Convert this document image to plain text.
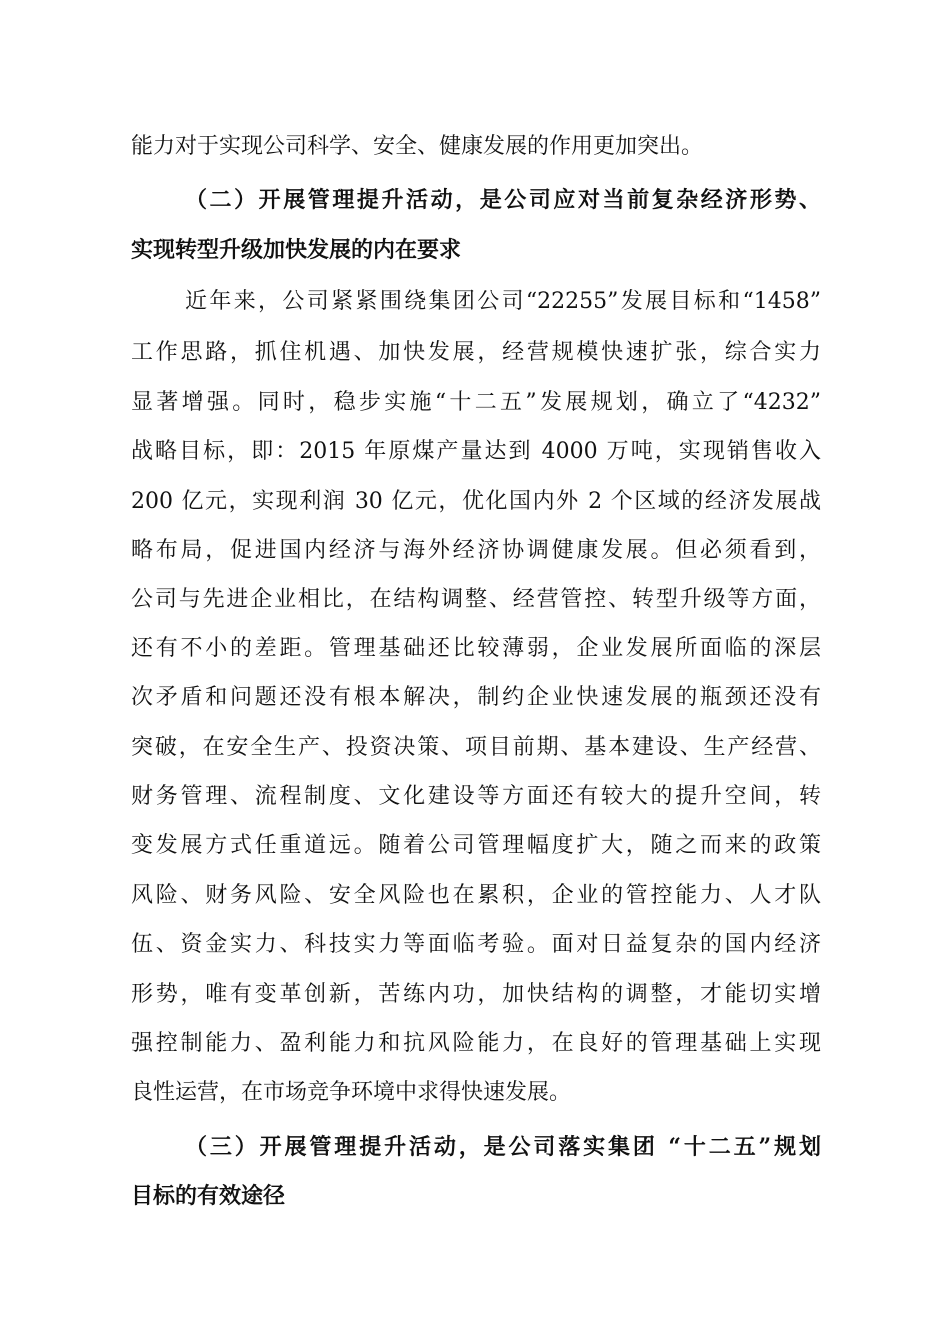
能力对于实现公司科学、安全、健康发展的作用更加突出。
（二）开展管理提升活动，是公司应对当前复杂经济形势、
实现转型升级加快发展的内在要求
近年来，公司紧紧围绕集团公司“22255”发展目标和“1458”
工作思路，抓住机遇、加快发展，经营规模快速扩张，综合实力
显著增强。同时，稳步实施“十二五”发展规划，确立了“4232”
战略目标，即：2015 年原煤产量达到 4000 万吨，实现销售收入
200 亿元，实现利润 30 亿元，优化国内外 2 个区域的经济发展战
略布局，促进国内经济与海外经济协调健康发展。但必须看到，
公司与先进企业相比，在结构调整、经营管控、转型升级等方面，
还有不小的差距。管理基础还比较薄弱，企业发展所面临的深层
次矛盾和问题还没有根本解决，制约企业快速发展的瓶颈还没有
突破，在安全生产、投资决策、项目前期、基本建设、生产经营、
财务管理、流程制度、文化建设等方面还有较大的提升空间，转
变发展方式任重道远。随着公司管理幅度扩大，随之而来的政策
风险、财务风险、安全风险也在累积，企业的管控能力、人才队
伍、资金实力、科技实力等面临考验。面对日益复杂的国内经济
形势，唯有变革创新，苦练内功，加快结构的调整，才能切实增
强控制能力、盈利能力和抗风险能力，在良好的管理基础上实现
良性运营，在市场竞争环境中求得快速发展。
（三）开展管理提升活动，是公司落实集团 “十二五”规划
目标的有效途径
